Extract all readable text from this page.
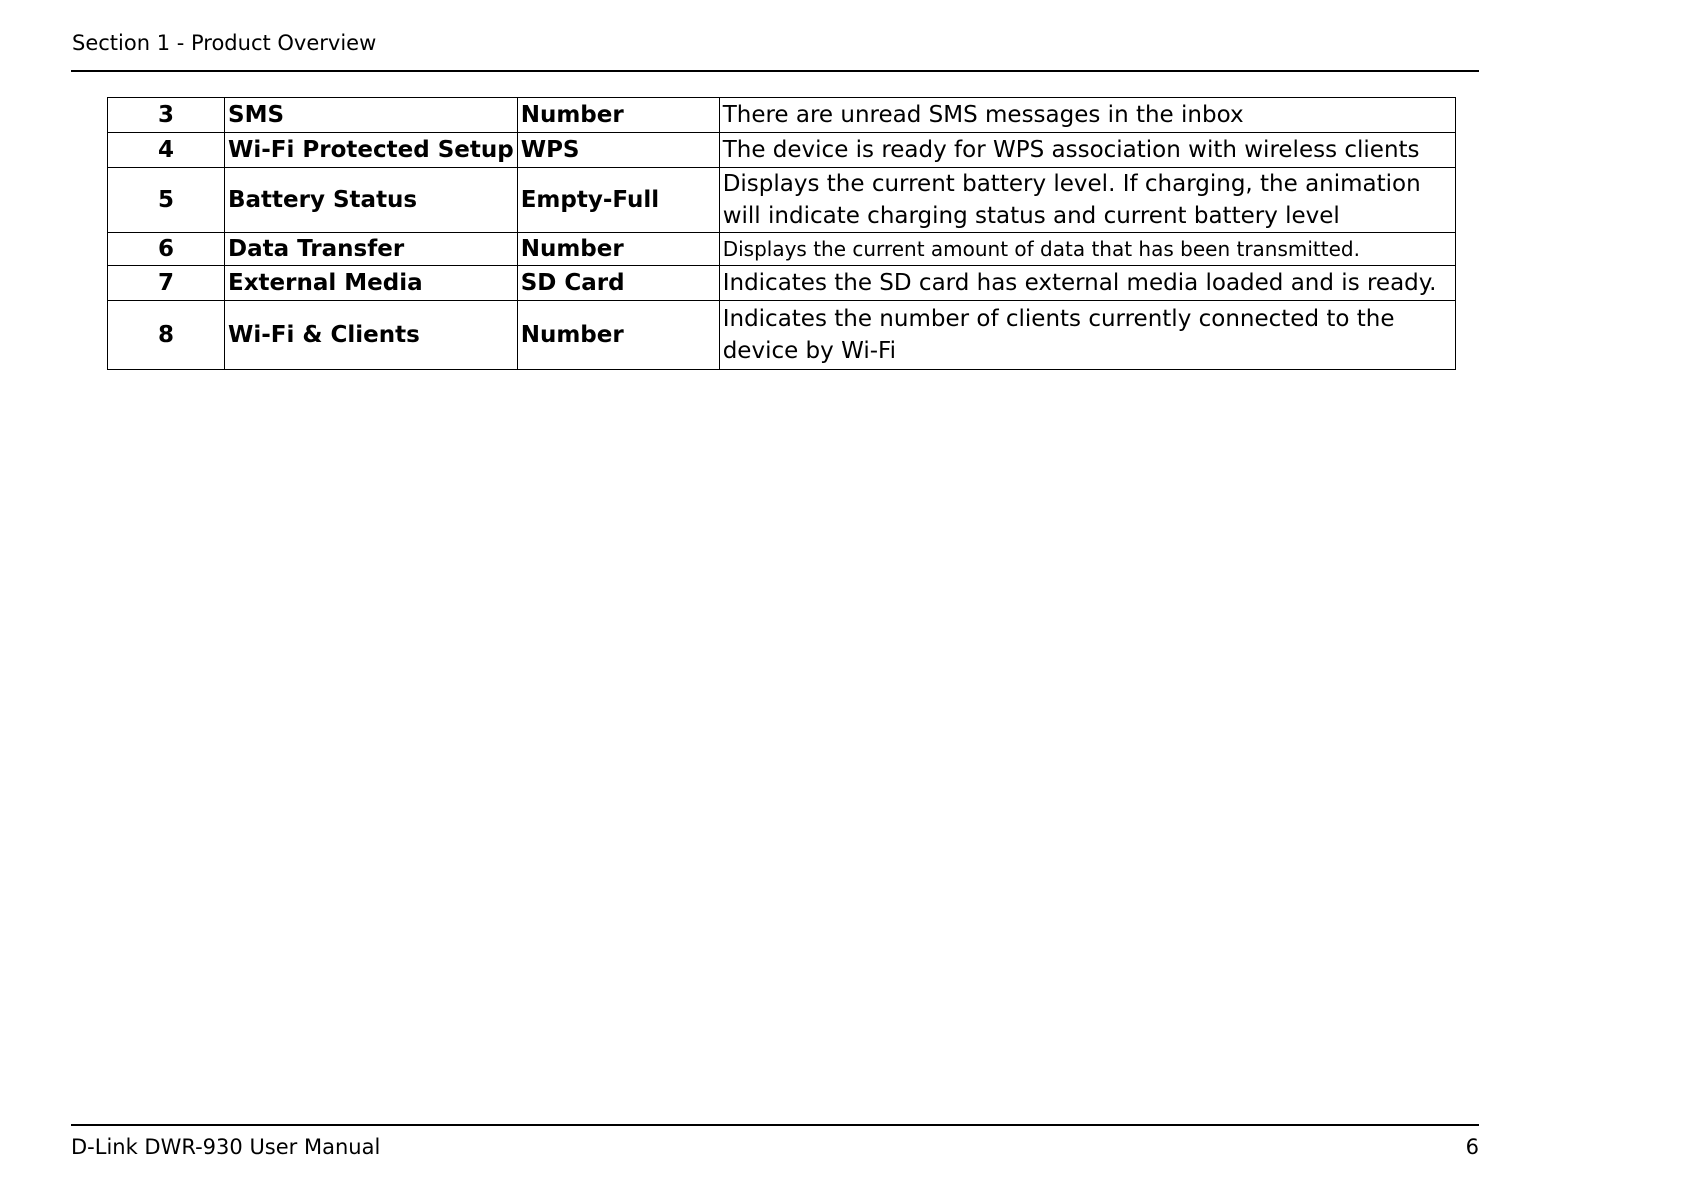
Section 1 - Product Overview
3	SMS	Number	There are unread SMS messages in the inbox
4	Wi-Fi Protected Setup	WPS	The device is ready for WPS association with wireless clients
5	Battery Status	Empty-Full	Displays the current battery level. If charging, the animation will indicate charging status and current battery level
6	Data Transfer	Number	Displays the current amount of data that has been transmitted.
7	External Media	SD Card	Indicates the SD card has external media loaded and is ready.
8	Wi-Fi & Clients	Number	Indicates the number of clients currently connected to the device by Wi-Fi
D-Link DWR-930 User Manual	6
